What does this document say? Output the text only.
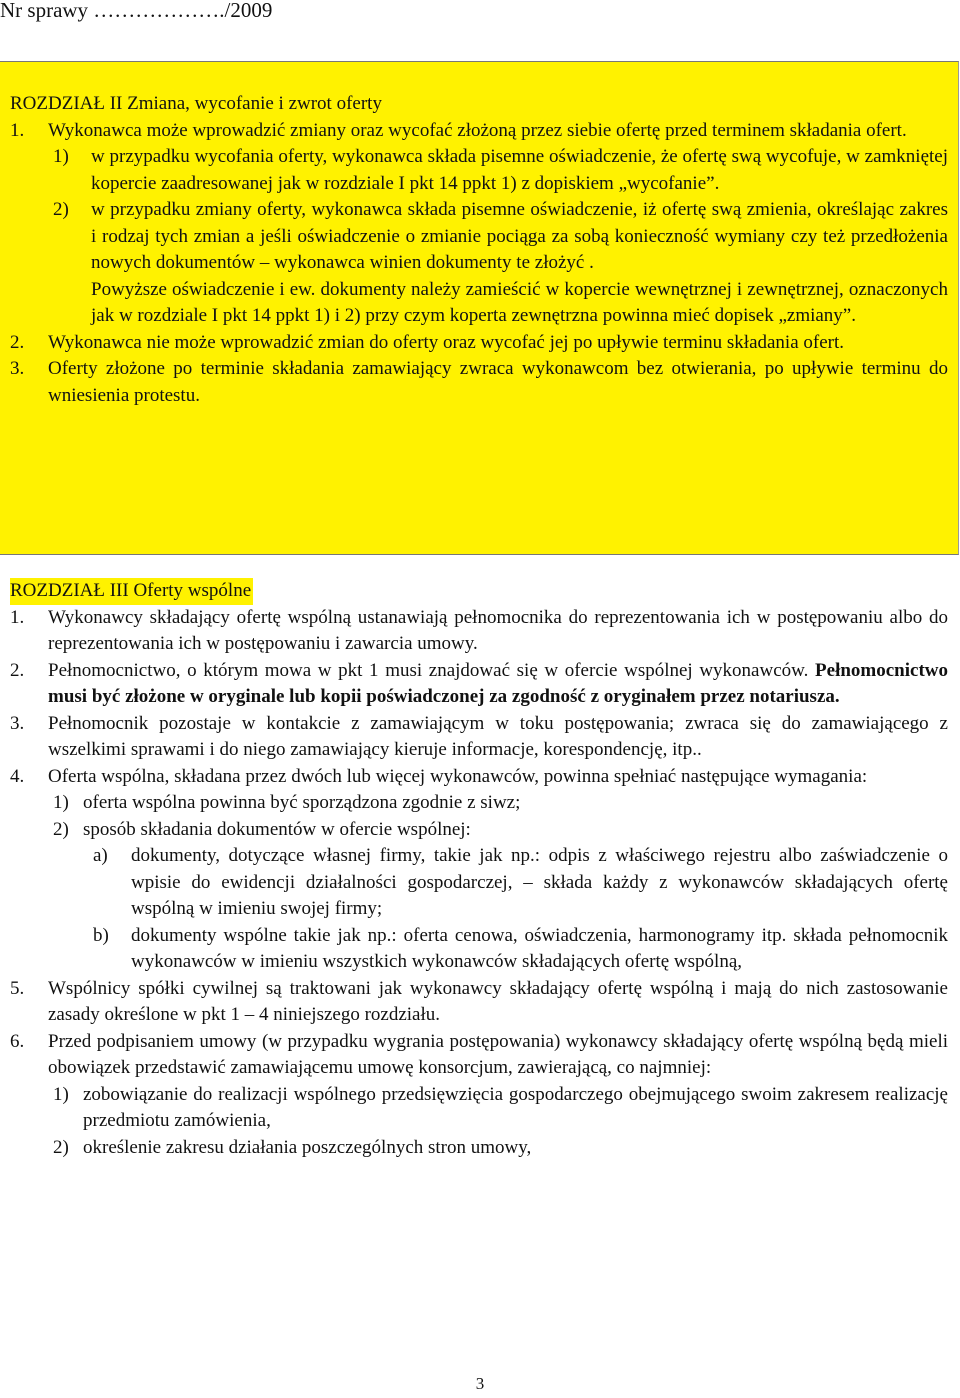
Nr sprawy ………………./2009
ROZDZIAŁ II Zmiana, wycofanie i zwrot oferty
1. Wykonawca może wprowadzić zmiany oraz wycofać złożoną przez siebie ofertę przed terminem składania ofert.
1) w przypadku wycofania oferty, wykonawca składa pisemne oświadczenie, że ofertę swą wycofuje, w zamkniętej kopercie zaadresowanej jak w rozdziale I pkt 14 ppkt 1) z dopiskiem „wycofanie”.
2) w przypadku zmiany oferty, wykonawca składa pisemne oświadczenie, iż ofertę swą zmienia, określając zakres i rodzaj tych zmian a jeśli oświadczenie o zmianie pociąga za sobą konieczność wymiany czy też przedłożenia nowych dokumentów – wykonawca winien dokumenty te złożyć .
Powyższe oświadczenie i ew. dokumenty należy zamieścić w kopercie wewnętrznej i zewnętrznej, oznaczonych jak w rozdziale I pkt 14 ppkt 1) i 2) przy czym koperta zewnętrzna powinna mieć dopisek „zmiany”.
2. Wykonawca nie może wprowadzić zmian do oferty oraz wycofać jej po upływie terminu składania ofert.
3. Oferty złożone po terminie składania zamawiający zwraca wykonawcom bez otwierania, po upływie terminu do wniesienia protestu.
ROZDZIAŁ III Oferty wspólne
1. Wykonawcy składający ofertę wspólną ustanawiają pełnomocnika do reprezentowania ich w postępowaniu albo do reprezentowania ich w postępowaniu i zawarcia umowy.
2. Pełnomocnictwo, o którym mowa w pkt 1 musi znajdować się w ofercie wspólnej wykonawców. Pełnomocnictwo musi być złożone w oryginale lub kopii poświadczonej za zgodność z oryginałem przez notariusza.
3. Pełnomocnik pozostaje w kontakcie z zamawiającym w toku postępowania; zwraca się do zamawiającego z wszelkimi sprawami i do niego zamawiający kieruje informacje, korespondencję, itp..
4. Oferta wspólna, składana przez dwóch lub więcej wykonawców, powinna spełniać następujące wymagania:
1) oferta wspólna powinna być sporządzona zgodnie z siwz;
2) sposób składania dokumentów w ofercie wspólnej:
a) dokumenty, dotyczące własnej firmy, takie jak np.: odpis z właściwego rejestru albo zaświadczenie o wpisie do ewidencji działalności gospodarczej, – składa każdy z wykonawców składających ofertę wspólną w imieniu swojej firmy;
b) dokumenty wspólne takie jak np.: oferta cenowa, oświadczenia, harmonogramy itp. składa pełnomocnik wykonawców w imieniu wszystkich wykonawców składających ofertę wspólną,
5. Wspólnicy spółki cywilnej są traktowani jak wykonawcy składający ofertę wspólną i mają do nich zastosowanie zasady określone w pkt 1 – 4 niniejszego rozdziału.
6. Przed podpisaniem umowy (w przypadku wygrania postępowania) wykonawcy składający ofertę wspólną będą mieli obowiązek przedstawić zamawiającemu umowę konsorcjum, zawierającą, co najmniej:
1) zobowiązanie do realizacji wspólnego przedsięwzięcia gospodarczego obejmującego swoim zakresem realizację przedmiotu zamówienia,
2) określenie zakresu działania poszczególnych stron umowy,
3
